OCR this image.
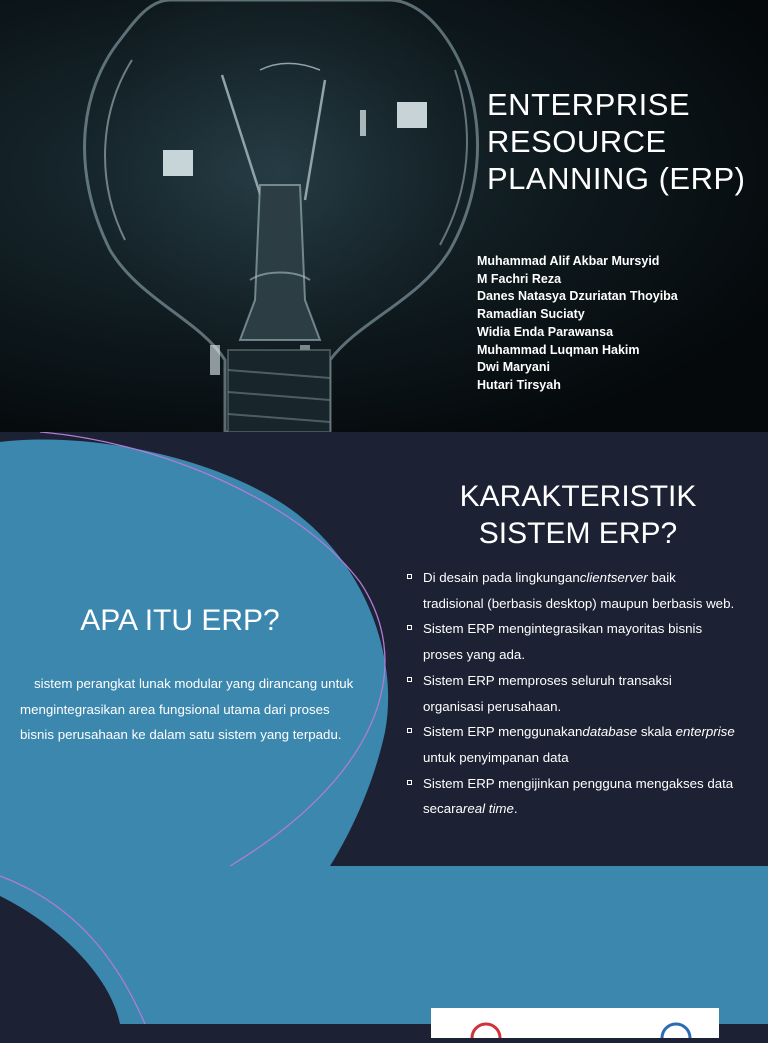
ENTERPRISE RESOURCE PLANNING (ERP)
Muhammad Alif Akbar Mursyid
M Fachri Reza
Danes Natasya Dzuriatan Thoyiba
Ramadian Suciaty
Widia Enda Parawansa
Muhammad Luqman Hakim
Dwi Maryani
Hutari Tirsyah
APA ITU ERP?
sistem perangkat lunak modular yang dirancang untuk mengintegrasikan area fungsional utama dari proses bisnis perusahaan ke dalam satu sistem yang terpadu.
KARAKTERISTIK SISTEM ERP?
Di desain pada lingkunganclientserver baik tradisional (berbasis desktop) maupun berbasis web.
Sistem ERP mengintegrasikan mayoritas bisnis proses yang ada.
Sistem ERP memproses seluruh transaksi organisasi perusahaan.
Sistem ERP menggunakandatabase skala enterprise untuk penyimpanan data
Sistem ERP mengijinkan pengguna mengakses data secarareal time.
